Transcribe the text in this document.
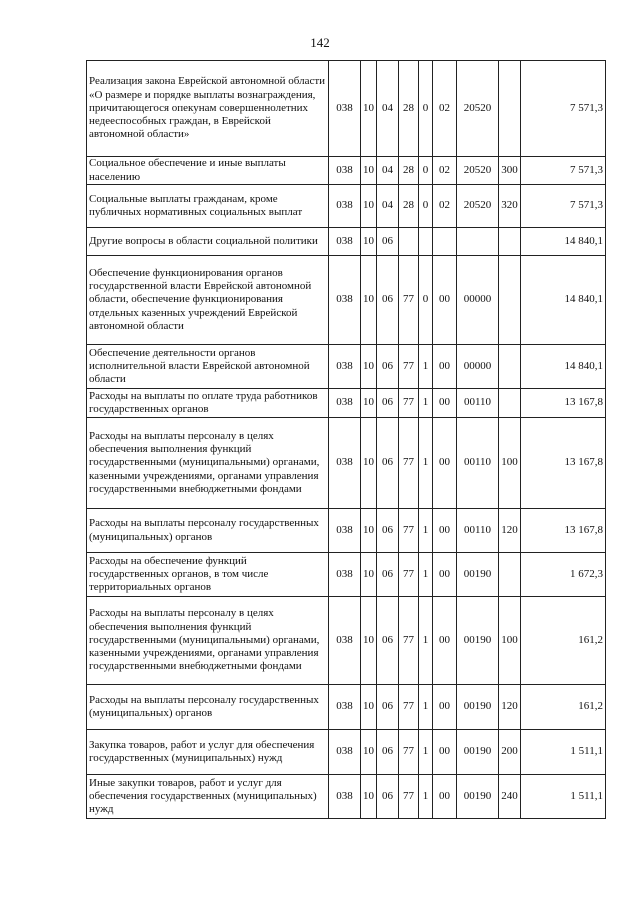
142
Реализация закона Еврейской автономной области «О размере и порядке выплаты вознаграждения, причитающегося опекунам совершеннолетних недееспособных граждан, в Еврейской автономной области»	038	10	04	28	0	02	20520		7 571,3
Социальное обеспечение и иные выплаты населению	038	10	04	28	0	02	20520	300	7 571,3
Социальные выплаты гражданам, кроме публичных нормативных социальных выплат	038	10	04	28	0	02	20520	320	7 571,3
Другие вопросы в области социальной политики	038	10	06						14 840,1
Обеспечение функционирования органов государственной власти Еврейской автономной области, обеспечение функционирования отдельных казенных учреждений Еврейской автономной области	038	10	06	77	0	00	00000		14 840,1
Обеспечение деятельности органов исполнительной власти Еврейской автономной области	038	10	06	77	1	00	00000		14 840,1
Расходы на выплаты по оплате труда работников государственных органов	038	10	06	77	1	00	00110		13 167,8
Расходы на выплаты персоналу в целях обеспечения выполнения функций государственными (муниципальными) органами, казенными учреждениями, органами управления государственными внебюджетными фондами	038	10	06	77	1	00	00110	100	13 167,8
Расходы на выплаты персоналу государственных (муниципальных) органов	038	10	06	77	1	00	00110	120	13 167,8
Расходы на обеспечение функций государственных органов, в том числе территориальных органов	038	10	06	77	1	00	00190		1 672,3
Расходы на выплаты персоналу в целях обеспечения выполнения функций государственными (муниципальными) органами, казенными учреждениями, органами управления государственными внебюджетными фондами	038	10	06	77	1	00	00190	100	161,2
Расходы на выплаты персоналу государственных (муниципальных) органов	038	10	06	77	1	00	00190	120	161,2
Закупка товаров, работ и услуг для обеспечения государственных (муниципальных) нужд	038	10	06	77	1	00	00190	200	1 511,1
Иные закупки товаров, работ и услуг для обеспечения государственных (муниципальных) нужд	038	10	06	77	1	00	00190	240	1 511,1
